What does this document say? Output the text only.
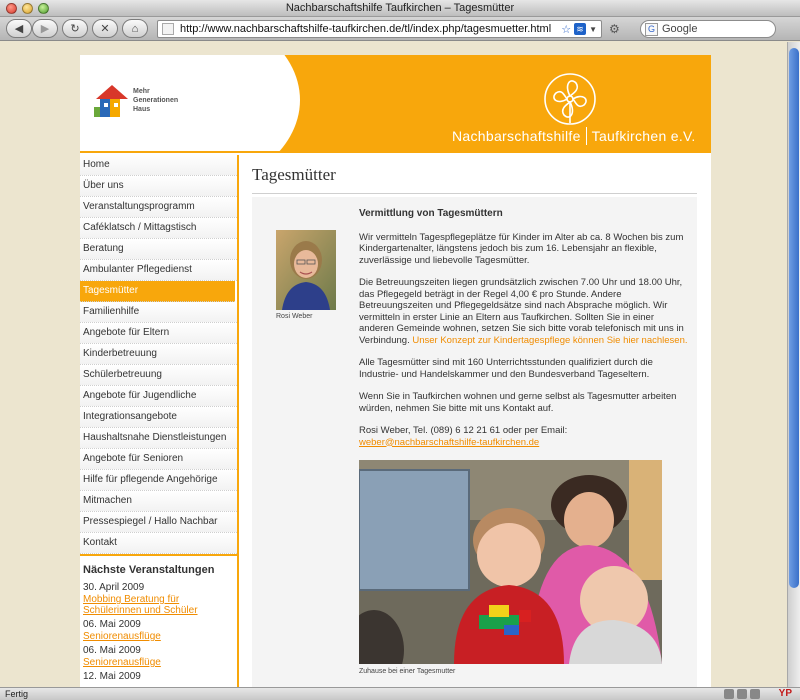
Nachbarschaftshilfe Taufkirchen – Tagesmütter
◀ ▶ ↻ ✕ ⌂	http://www.nachbarschaftshilfe-taufkirchen.de/tl/index.php/tagesmuetter.html ☆ ≋ ▼ ⚙	G Google
Mehr
Generationen
Haus
Nachbarschaftshilfe Taufkirchen e.V.
Home
Über uns
Veranstaltungsprogramm
Caféklatsch / Mittagstisch
Beratung
Ambulanter Pflegedienst
Tagesmütter
Familienhilfe
Angebote für Eltern
Kinderbetreuung
Schülerbetreuung
Angebote für Jugendliche
Integrationsangebote
Haushaltsnahe Dienstleistungen
Angebote für Senioren
Hilfe für pflegende Angehörige
Mitmachen
Pressespiegel / Hallo Nachbar
Kontakt
Nächste Veranstaltungen
30. April 2009
Mobbing Beratung für Schülerinnen und Schüler
06. Mai 2009
Seniorenausflüge
06. Mai 2009
Seniorenausflüge
12. Mai 2009
Tagesmütter
Rosi Weber
Vermittlung von Tagesmüttern

Wir vermitteln Tagespflegeplätze für Kinder im Alter ab ca. 8 Wochen bis zum Kindergartenalter, längstens jedoch bis zum 16. Lebensjahr an flexible, zuverlässige und liebevolle Tagesmütter.

Die Betreuungszeiten liegen grundsätzlich zwischen 7.00 Uhr und 18.00 Uhr, das Pflegegeld beträgt in der Regel 4,00 € pro Stunde. Andere Betreuungszeiten und Pflegegeldsätze sind nach Absprache möglich. Wir vermitteln in erster Linie an Eltern aus Taufkirchen. Sollten Sie in einer anderen Gemeinde wohnen, setzen Sie sich bitte vorab telefonisch mit uns in Verbindung. Unser Konzept zur Kindertagespflege können Sie hier nachlesen.

Alle Tagesmütter sind mit 160 Unterrichtsstunden qualifiziert durch die Industrie- und Handelskammer und den Bundesverband Tageseltern.

Wenn Sie in Taufkirchen wohnen und gerne selbst als Tagesmutter arbeiten würden, nehmen Sie bitte mit uns Kontakt auf.

Rosi Weber, Tel. (089) 6 12 21 61 oder per Email:
weber@nachbarschaftshilfe-taufkirchen.de

Zuhause bei einer Tagesmutter
Fertig	YP
